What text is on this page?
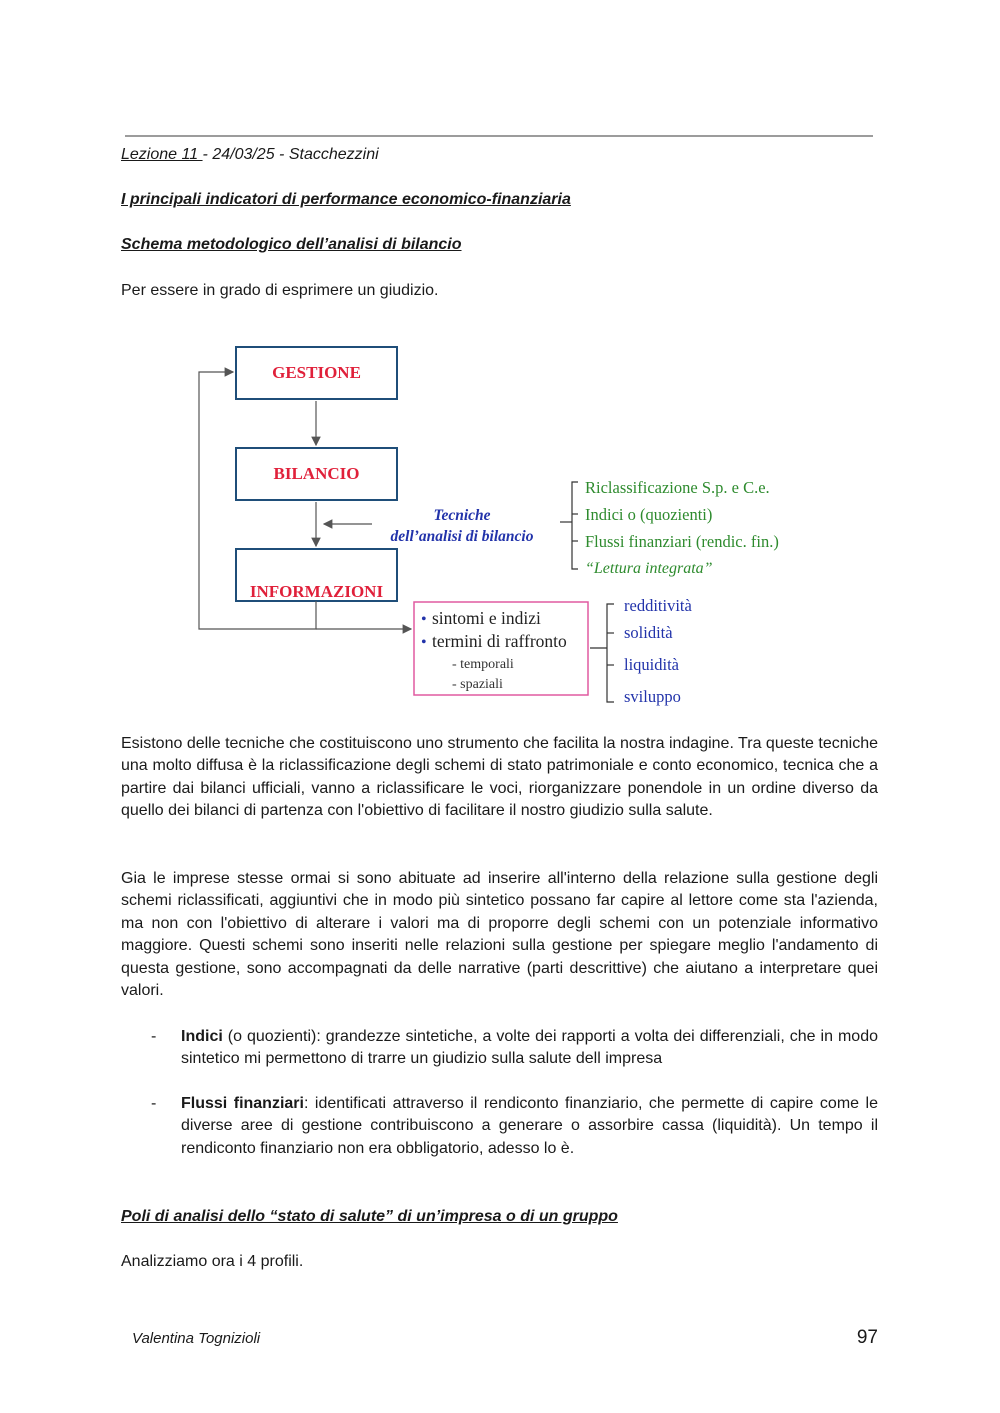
Lezione 11 - 24/03/25 - Stacchezzini
I principali indicatori di performance economico-finanziaria
Schema metodologico dell’analisi di bilancio
Per essere in grado di esprimere un giudizio.
GESTIONE
BILANCIO
INFORMAZIONI
Tecniche
dell’analisi di bilancio
Riclassificazione S.p. e C.e.
Indici o (quozienti)
Flussi finanziari (rendic. fin.)
“Lettura integrata”
• sintomi e indizi
• termini di raffronto
- temporali
- spaziali
redditività
solidità
liquidità
sviluppo

Esistono delle tecniche che costituiscono uno strumento che facilita la nostra indagine. Tra queste tecniche una molto diffusa è la riclassificazione degli schemi di stato patrimoniale e conto economico, tecnica che a partire dai bilanci ufficiali, vanno a riclassificare le voci, riorganizzare ponendole in un ordine diverso da quello dei bilanci di partenza con l'obiettivo di facilitare il nostro giudizio sulla salute.

Gia le imprese stesse ormai si sono abituate ad inserire all'interno della relazione sulla gestione degli schemi riclassificati, aggiuntivi che in modo più sintetico possano far capire al lettore come sta l'azienda, ma non con l'obiettivo di alterare i valori ma di proporre degli schemi con un potenziale informativo maggiore. Questi schemi sono inseriti nelle relazioni sulla gestione per spiegare meglio l'andamento di questa gestione, sono accompagnati da delle narrative (parti descrittive) che aiutano a interpretare quei valori.

- Indici (o quozienti): grandezze sintetiche, a volte dei rapporti a volta dei differenziali, che in modo sintetico mi permettono di trarre un giudizio sulla salute dell impresa

- Flussi finanziari: identificati attraverso il rendiconto finanziario, che permette di capire come le diverse aree di gestione contribuiscono a generare o assorbire cassa (liquidità). Un tempo il rendiconto finanziario non era obbligatorio, adesso lo è.

Poli di analisi dello “stato di salute” di un’impresa o di un gruppo
Analizziamo ora i 4 profili.
Valentina Tognizioli	97
